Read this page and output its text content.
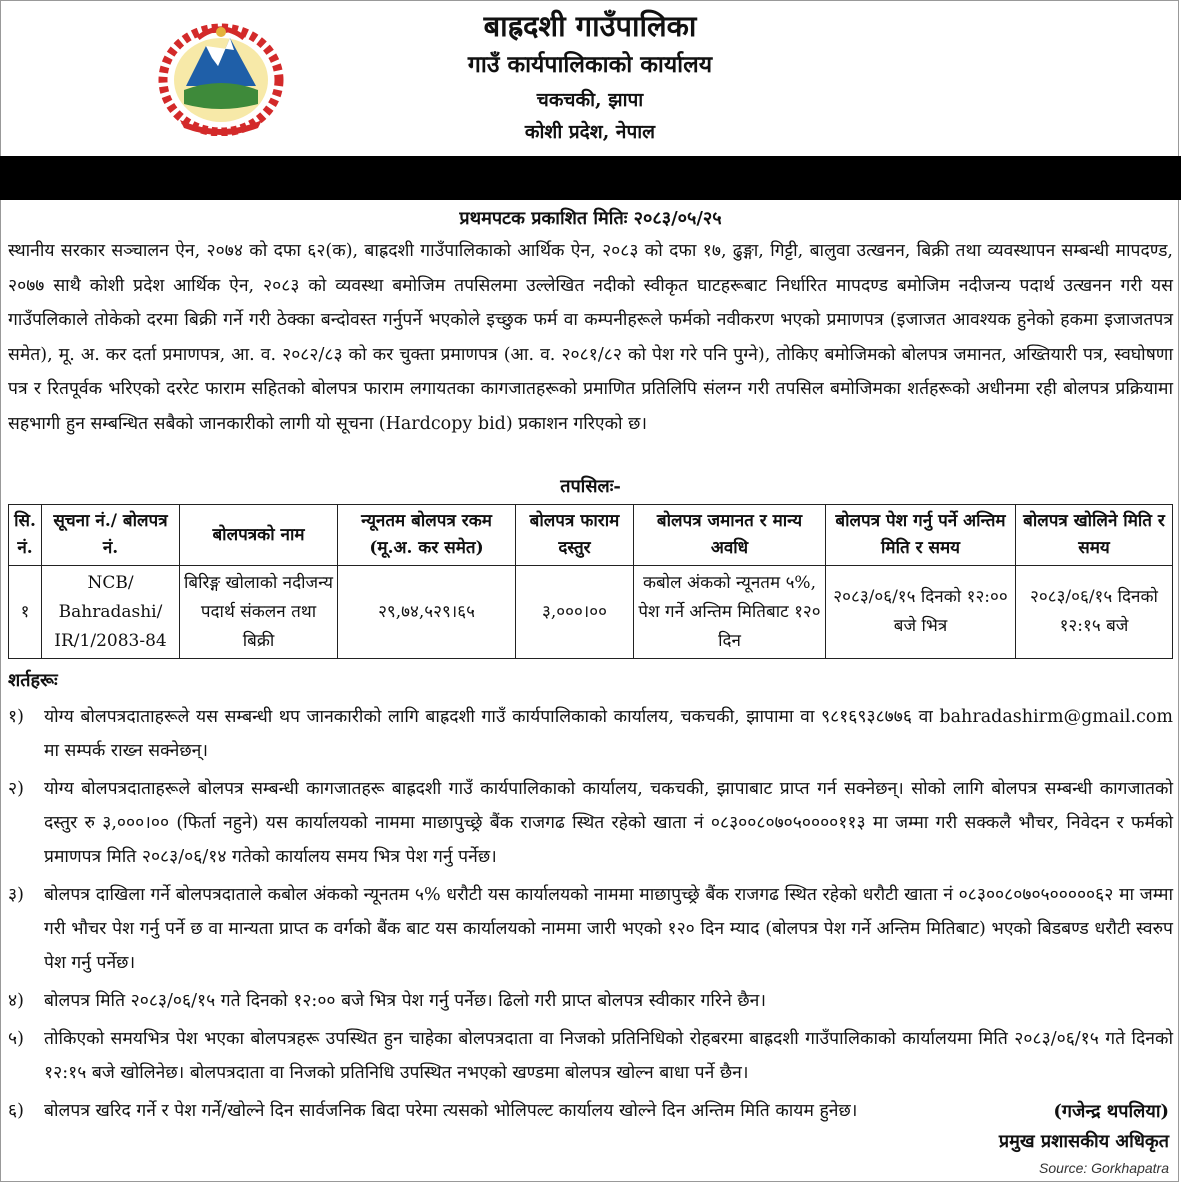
बाह्रदशी गाउँपालिका
गाउँ कार्यपालिकाको कार्यालय
चकचकी, झापा
कोशी प्रदेश, नेपाल
प्रथमपटक प्रकाशित मितिः २०८३/०५/२५
स्थानीय सरकार सञ्चालन ऐन, २०७४ को दफा ६२(क), बाह्रदशी गाउँपालिकाको आर्थिक ऐन, २०८३ को दफा १७, ढुङ्गा, गिट्टी, बालुवा उत्खनन, बिक्री तथा व्यवस्थापन सम्बन्धी मापदण्ड, २०७७ साथै कोशी प्रदेश आर्थिक ऐन, २०८३ को व्यवस्था बमोजिम तपसिलमा उल्लेखित नदीको स्वीकृत घाटहरूबाट निर्धारित मापदण्ड बमोजिम नदीजन्य पदार्थ उत्खनन गरी यस गाउँपलिकाले तोकेको दरमा बिक्री गर्ने गरी ठेक्का बन्दोवस्त गर्नुपर्ने भएकोले इच्छुक फर्म वा कम्पनीहरूले फर्मको नवीकरण भएको प्रमाणपत्र (इजाजत आवश्यक हुनेको हकमा इजाजतपत्र समेत), मू. अ. कर दर्ता प्रमाणपत्र, आ. व. २०८२/८३ को कर चुक्ता प्रमाणपत्र (आ. व. २०८१/८२ को पेश गरे पनि पुग्ने), तोकिए बमोजिमको बोलपत्र जमानत, अख्तियारी पत्र, स्वघोषणा पत्र र रितपूर्वक भरिएको दररेट फाराम सहितको बोलपत्र फाराम लगायतका कागजातहरूको प्रमाणित प्रतिलिपि संलग्न गरी तपसिल बमोजिमका शर्तहरूको अधीनमा रही बोलपत्र प्रक्रियामा सहभागी हुन सम्बन्धित सबैको जानकारीको लागी यो सूचना (Hardcopy bid) प्रकाशन गरिएको छ।
तपसिलः-
सि. नं.	सूचना नं./ बोलपत्र नं.	बोलपत्रको नाम	न्यूनतम बोलपत्र रकम (मू.अ. कर समेत)	बोलपत्र फाराम दस्तुर	बोलपत्र जमानत र मान्य अवधि	बोलपत्र पेश गर्नु पर्ने अन्तिम मिति र समय	बोलपत्र खोलिने मिति र समय
१	NCB/ Bahradashi/ IR/1/2083-84	बिरिङ्ग खोलाको नदीजन्य पदार्थ संकलन तथा बिक्री	२९,७४,५२९।६५	३,०००।००	कबोल अंकको न्यूनतम ५%, पेश गर्ने अन्तिम मितिबाट १२० दिन	२०८३/०६/१५ दिनको १२:०० बजे भित्र	२०८३/०६/१५ दिनको १२:१५ बजे
शर्तहरूः
१)	योग्य बोलपत्रदाताहरूले यस सम्बन्धी थप जानकारीको लागि बाह्रदशी गाउँ कार्यपालिकाको कार्यालय, चकचकी, झापामा वा ९८१६९३८७७६ वा bahradashirm@gmail.com मा सम्पर्क राख्न सक्नेछन्।
२)	योग्य बोलपत्रदाताहरूले बोलपत्र सम्बन्धी कागजातहरू बाह्रदशी गाउँ कार्यपालिकाको कार्यालय, चकचकी, झापाबाट प्राप्त गर्न सक्नेछन्। सोको लागि बोलपत्र सम्बन्धी कागजातको दस्तुर रु ३,०००।०० (फिर्ता नहुने) यस कार्यालयको नाममा माछापुच्छ्रे बैंक राजगढ स्थित रहेको खाता नं ०८३००८०७०५००००११३ मा जम्मा गरी सक्कलै भौचर, निवेदन र फर्मको प्रमाणपत्र मिति २०८३/०६/१४ गतेको कार्यालय समय भित्र पेश गर्नु पर्नेछ।
३)	बोलपत्र दाखिला गर्ने बोलपत्रदाताले कबोल अंकको न्यूनतम ५% धरौटी यस कार्यालयको नाममा माछापुच्छ्रे बैंक राजगढ स्थित रहेको धरौटी खाता नं ०८३००८०७०५०००००६२ मा जम्मा गरी भौचर पेश गर्नु पर्ने छ वा मान्यता प्राप्त क वर्गको बैंक बाट यस कार्यालयको नाममा जारी भएको १२० दिन म्याद (बोलपत्र पेश गर्ने अन्तिम मितिबाट) भएको बिडबण्ड धरौटी स्वरुप पेश गर्नु पर्नेछ।
४)	बोलपत्र मिति २०८३/०६/१५ गते दिनको १२:०० बजे भित्र पेश गर्नु पर्नेछ। ढिलो गरी प्राप्त बोलपत्र स्वीकार गरिने छैन।
५)	तोकिएको समयभित्र पेश भएका बोलपत्रहरू उपस्थित हुन चाहेका बोलपत्रदाता वा निजको प्रतिनिधिको रोहबरमा बाह्रदशी गाउँपालिकाको कार्यालयमा मिति २०८३/०६/१५ गते दिनको १२:१५ बजे खोलिनेछ। बोलपत्रदाता वा निजको प्रतिनिधि उपस्थित नभएको खण्डमा बोलपत्र खोल्न बाधा पर्ने छैन।
६)	बोलपत्र खरिद गर्ने र पेश गर्ने/खोल्ने दिन सार्वजनिक बिदा परेमा त्यसको भोलिपल्ट कार्यालय खोल्ने दिन अन्तिम मिति कायम हुनेछ।	(गजेन्द्र थपलिया)
प्रमुख प्रशासकीय अधिकृत
Source: Gorkhapatra
